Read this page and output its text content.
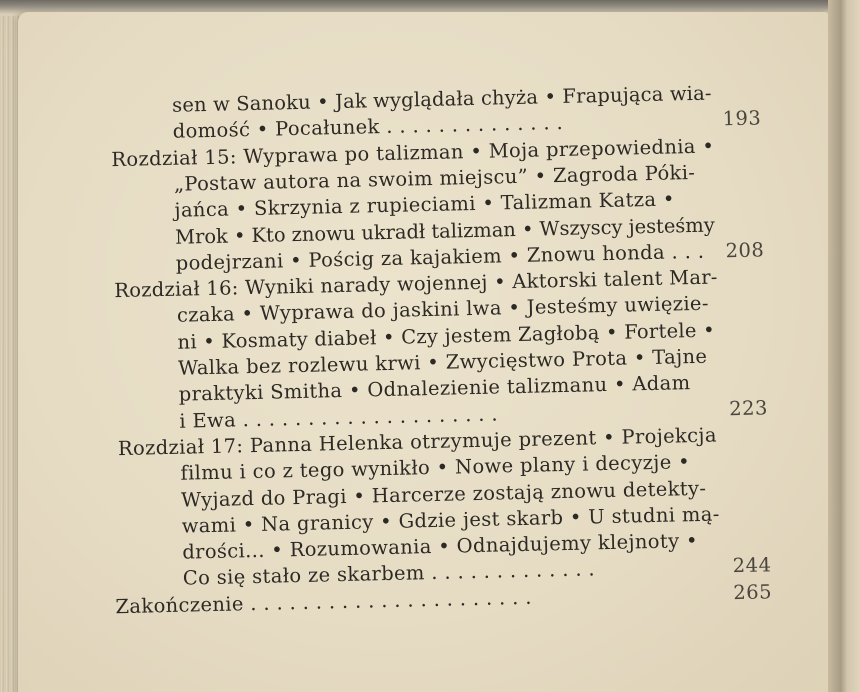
sen w Sanoku • Jak wyglądała chyża • Frapująca wia-
domość • Pocałunek . . . . . . . . . . . . . .	193
Rozdział 15: Wyprawa po talizman • Moja przepowiednia •
„Postaw autora na swoim miejscu” • Zagroda Póki-
jańca • Skrzynia z rupieciami • Talizman Katza •
Mrok • Kto znowu ukradł talizman • Wszyscy jesteśmy
podejrzani • Pościg za kajakiem • Znowu honda . . . 208
Rozdział 16: Wyniki narady wojennej • Aktorski talent Mar-
czaka • Wyprawa do jaskini lwa • Jesteśmy uwięzie-
ni • Kosmaty diabeł • Czy jestem Zagłobą • Fortele •
Walka bez rozlewu krwi • Zwycięstwo Prota • Tajne
praktyki Smitha • Odnalezienie talizmanu • Adam
i Ewa . . . . . . . . . . . . . . . . . . . .	223
Rozdział 17: Panna Helenka otrzymuje prezent • Projekcja
filmu i co z tego wynikło • Nowe plany i decyzje •
Wyjazd do Pragi • Harcerze zostają znowu detekty-
wami • Na granicy • Gdzie jest skarb • U studni mą-
drości... • Rozumowania • Odnajdujemy klejnoty •
Co się stało ze skarbem . . . . . . . . . . . . .	244
Zakończenie . . . . . . . . . . . . . . . . . . . . . .	265
